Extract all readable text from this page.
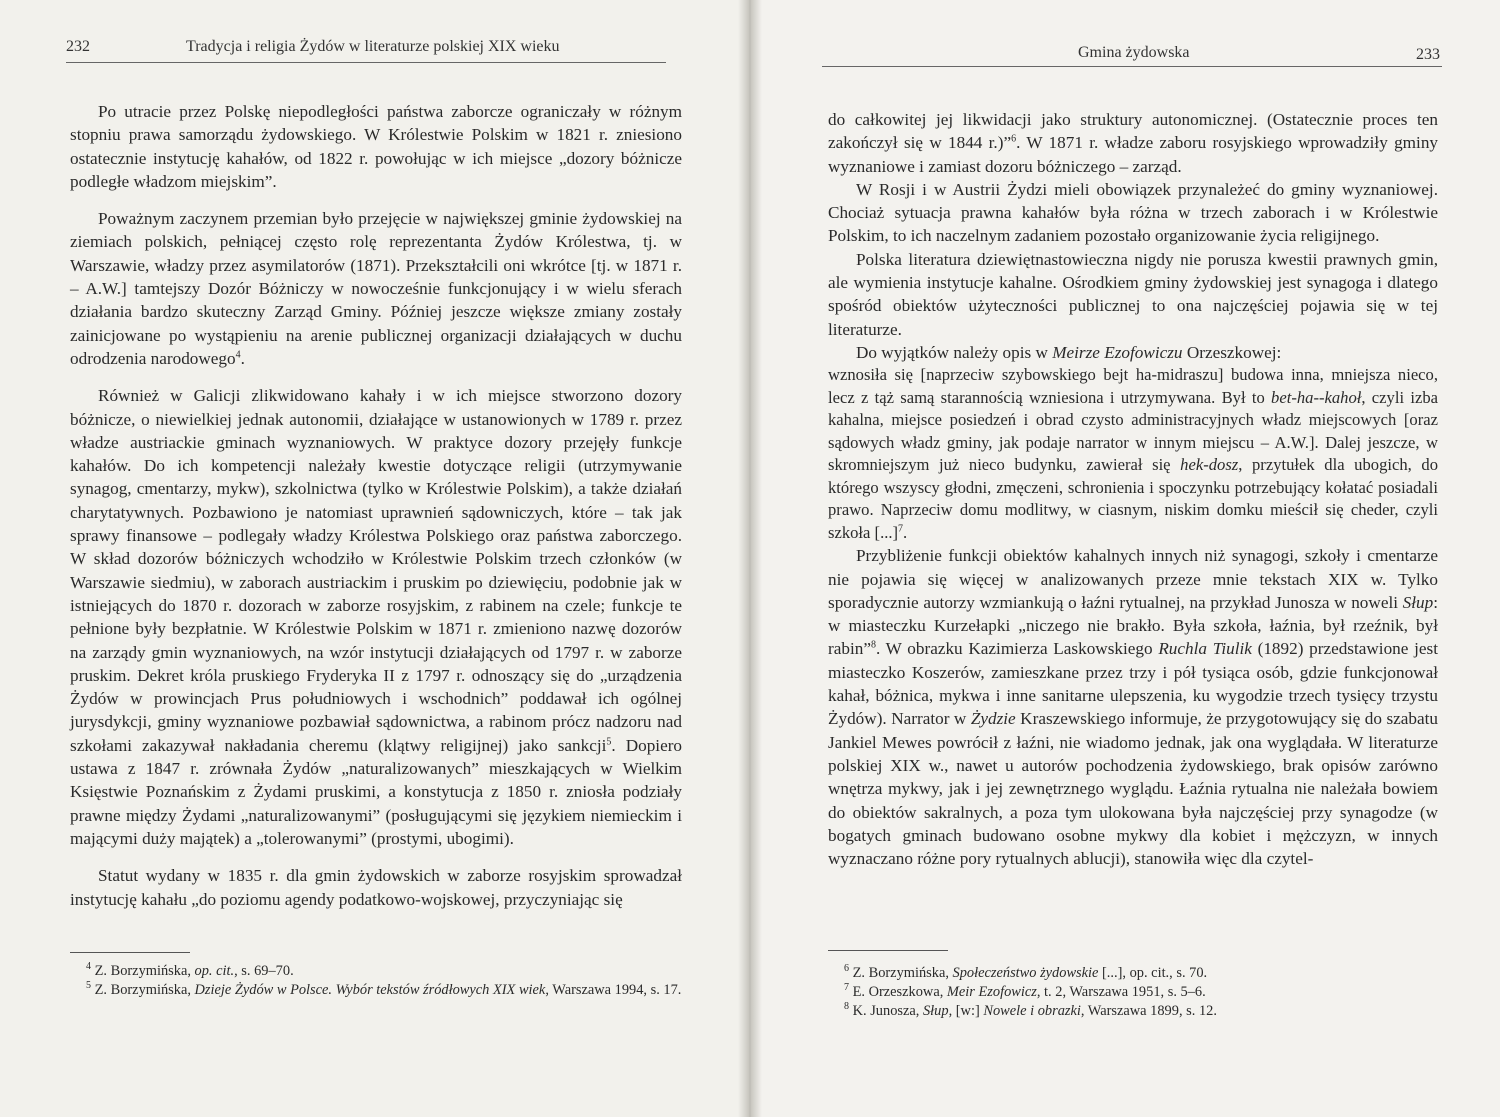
232	Tradycja i religia Żydów w literaturze polskiej XIX wieku

Po utracie przez Polskę niepodległości państwa zaborcze ograniczały w różnym stopniu prawa samorządu żydowskiego. W Królestwie Polskim w 1821 r. zniesiono ostatecznie instytucję kahałów, od 1822 r. powołując w ich miejsce „dozory bóżnicze podległe władzom miejskim”.

Poważnym zaczynem przemian było przejęcie w największej gminie żydowskiej na ziemiach polskich, pełniącej często rolę reprezentanta Żydów Królestwa, tj. w Warszawie, władzy przez asymilatorów (1871). Przekształcili oni wkrótce [tj. w 1871 r. – A.W.] tamtejszy Dozór Bóżniczy w nowocześnie funkcjonujący i w wielu sferach działania bardzo skuteczny Zarząd Gminy. Później jeszcze większe zmiany zostały zainicjowane po wystąpieniu na arenie publicznej organizacji działających w duchu odrodzenia narodowego$^4$.

Również w Galicji zlikwidowano kahały i w ich miejsce stworzono dozory bóżnicze, o niewielkiej jednak autonomii, działające w ustanowionych w 1789 r. przez władze austriackie gminach wyznaniowych. W praktyce dozory przejęły funkcje kahałów. Do ich kompetencji należały kwestie dotyczące religii (utrzymywanie synagog, cmentarzy, mykw), szkolnictwa (tylko w Królestwie Polskim), a także działań charytatywnych. Pozbawiono je natomiast uprawnień sądowniczych, które – tak jak sprawy finansowe – podlegały władzy Królestwa Polskiego oraz państwa zaborczego. W skład dozorów bóżniczych wchodziło w Królestwie Polskim trzech członków (w Warszawie siedmiu), w zaborach austriackim i pruskim po dziewięciu, podobnie jak w istniejących do 1870 r. dozorach w zaborze rosyjskim, z rabinem na czele; funkcje te pełnione były bezpłatnie. W Królestwie Polskim w 1871 r. zmieniono nazwę dozorów na zarządy gmin wyznaniowych, na wzór instytucji działających od 1797 r. w zaborze pruskim. Dekret króla pruskiego Fryderyka II z 1797 r. odnoszący się do „urządzenia Żydów w prowincjach Prus południowych i wschodnich” poddawał ich ogólnej jurysdykcji, gminy wyznaniowe pozbawiał sądownictwa, a rabinom prócz nadzoru nad szkołami zakazywał nakładania cheremu (klątwy religijnej) jako sankcji$^5$. Dopiero ustawa z 1847 r. zrównała Żydów „naturalizowanych” mieszkających w Wielkim Księstwie Poznańskim z Żydami pruskimi, a konstytucja z 1850 r. zniosła podziały prawne między Żydami „naturalizowanymi” (posługującymi się językiem niemieckim i mającymi duży majątek) a „tolerowanymi” (prostymi, ubogimi).

Statut wydany w 1835 r. dla gmin żydowskich w zaborze rosyjskim sprowadzał instytucję kahału „do poziomu agendy podatkowo-wojskowej, przyczyniając się

$^4$ Z. Borzymińska, op. cit., s. 69–70.
$^5$ Z. Borzymińska, Dzieje Żydów w Polsce. Wybór tekstów źródłowych XIX wiek, Warszawa 1994, s. 17.
Gmina żydowska	233

do całkowitej jej likwidacji jako struktury autonomicznej. (Ostatecznie proces ten zakończył się w 1844 r.)”$^6$. W 1871 r. władze zaboru rosyjskiego wprowadziły gminy wyznaniowe i zamiast dozoru bóżniczego – zarząd.

W Rosji i w Austrii Żydzi mieli obowiązek przynależeć do gminy wyznaniowej. Chociaż sytuacja prawna kahałów była różna w trzech zaborach i w Królestwie Polskim, to ich naczelnym zadaniem pozostało organizowanie życia religijnego.

Polska literatura dziewiętnastowieczna nigdy nie porusza kwestii prawnych gmin, ale wymienia instytucje kahalne. Ośrodkiem gminy żydowskiej jest synagoga i dlatego spośród obiektów użyteczności publicznej to ona najczęściej pojawia się w tej literaturze.

Do wyjątków należy opis w Meirze Ezofowiczu Orzeszkowej:

wznosiła się [naprzeciw szybowskiego bejt ha-midraszu] budowa inna, mniejsza nieco, lecz z tąż samą starannością wzniesiona i utrzymywana. Był to bet-ha--kahoł, czyli izba kahalna, miejsce posiedzeń i obrad czysto administracyjnych władz miejscowych [oraz sądowych władz gminy, jak podaje narrator w innym miejscu – A.W.]. Dalej jeszcze, w skromniejszym już nieco budynku, zawierał się hek-dosz, przytułek dla ubogich, do którego wszyscy głodni, zmęczeni, schronienia i spoczynku potrzebujący kołatać posiadali prawo. Naprzeciw domu modlitwy, w ciasnym, niskim domku mieścił się cheder, czyli szkoła [...]$^7$.

Przybliżenie funkcji obiektów kahalnych innych niż synagogi, szkoły i cmentarze nie pojawia się więcej w analizowanych przeze mnie tekstach XIX w. Tylko sporadycznie autorzy wzmiankują o łaźni rytualnej, na przykład Junosza w noweli Słup: w miasteczku Kurzełapki „niczego nie brakło. Była szkoła, łaźnia, był rzeźnik, był rabin”$^8$. W obrazku Kazimierza Laskowskiego Ruchla Tiulik (1892) przedstawione jest miasteczko Koszerów, zamieszkane przez trzy i pół tysiąca osób, gdzie funkcjonował kahał, bóżnica, mykwa i inne sanitarne ulepszenia, ku wygodzie trzech tysięcy trzystu Żydów). Narrator w Żydzie Kraszewskiego informuje, że przygotowujący się do szabatu Jankiel Mewes powrócił z łaźni, nie wiadomo jednak, jak ona wyglądała. W literaturze polskiej XIX w., nawet u autorów pochodzenia żydowskiego, brak opisów zarówno wnętrza mykwy, jak i jej zewnętrznego wyglądu. Łaźnia rytualna nie należała bowiem do obiektów sakralnych, a poza tym ulokowana była najczęściej przy synagodze (w bogatych gminach budowano osobne mykwy dla kobiet i mężczyzn, w innych wyznaczano różne pory rytualnych ablucji), stanowiła więc dla czytel-

$^6$ Z. Borzymińska, Społeczeństwo żydowskie [...], op. cit., s. 70.
$^7$ E. Orzeszkowa, Meir Ezofowicz, t. 2, Warszawa 1951, s. 5–6.
$^8$ K. Junosza, Słup, [w:] Nowele i obrazki, Warszawa 1899, s. 12.
